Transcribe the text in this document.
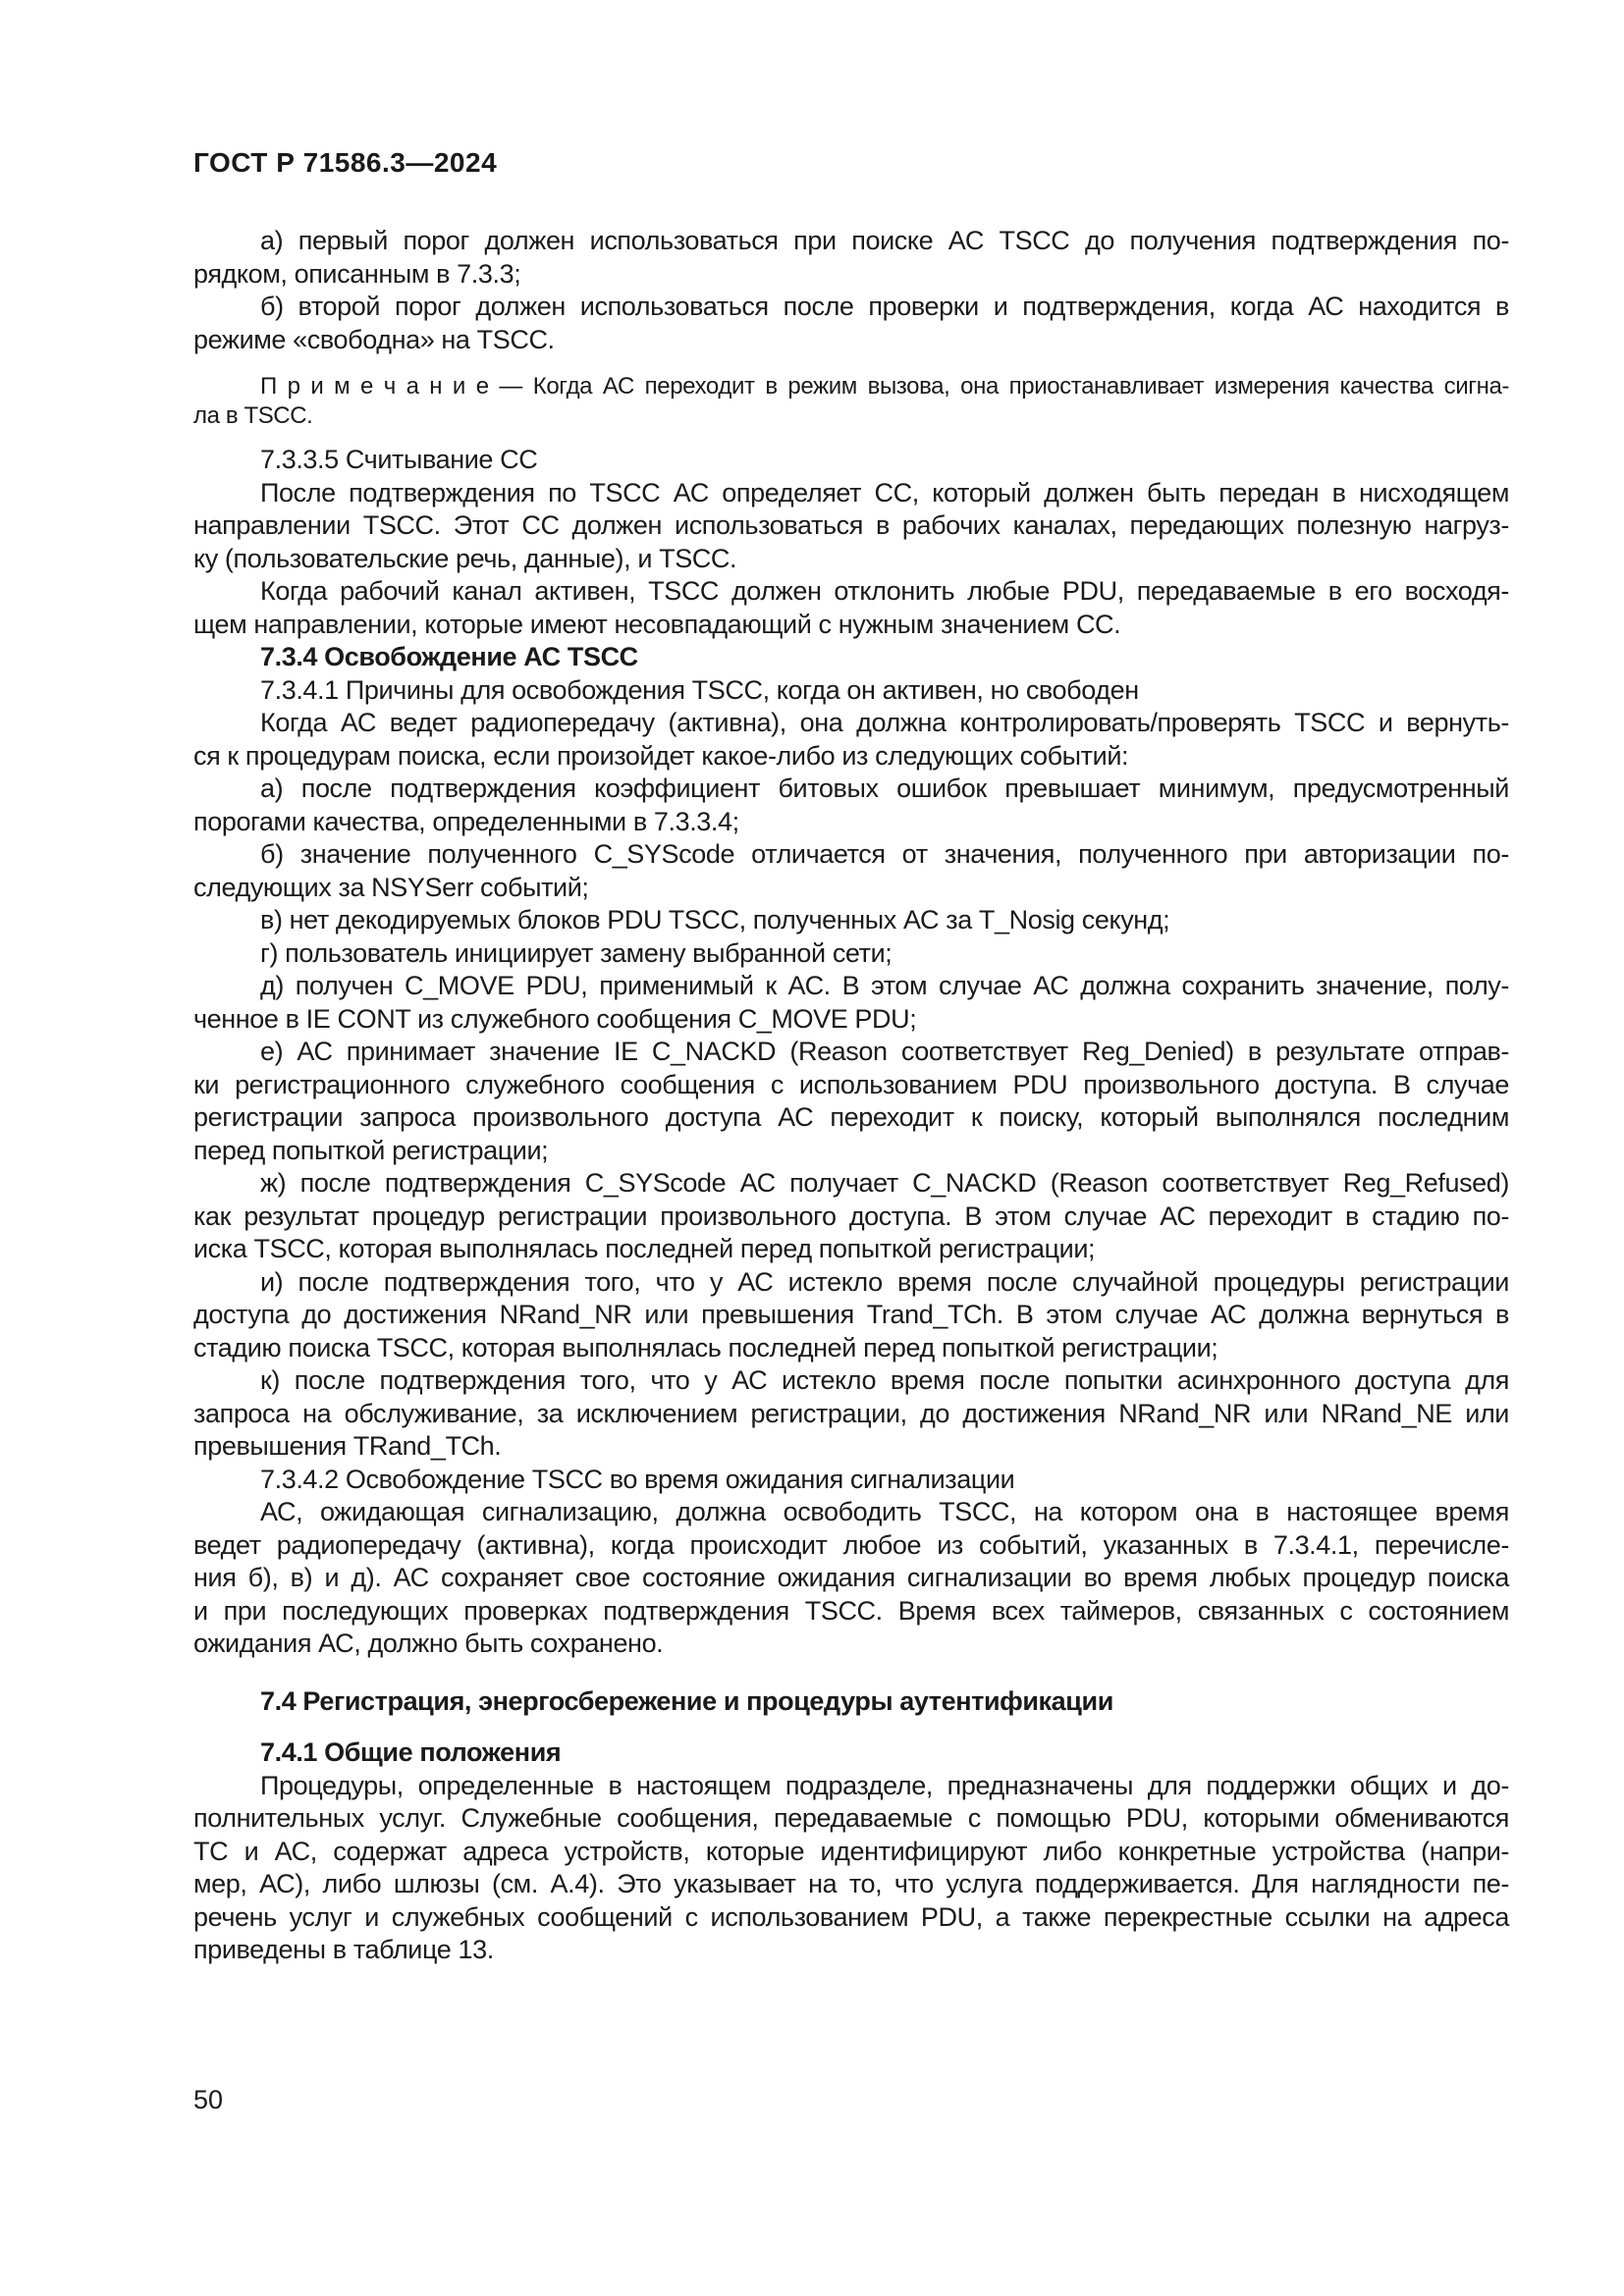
ГОСТ Р 71586.3—2024
а) первый порог должен использоваться при поиске АС TSCC до получения подтверждения по-
рядком, описанным в 7.3.3;
б) второй порог должен использоваться после проверки и подтверждения, когда АС находится в
режиме «свободна» на TSCC.
П р и м е ч а н и е — Когда АС переходит в режим вызова, она приостанавливает измерения качества сигна-
ла в TSCC.
7.3.3.5 Считывание СС
После подтверждения по TSCC АС определяет СС, который должен быть передан в нисходящем
направлении TSCC. Этот СС должен использоваться в рабочих каналах, передающих полезную нагруз-
ку (пользовательские речь, данные), и TSCC.
Когда рабочий канал активен, TSCC должен отклонить любые PDU, передаваемые в его восходя-
щем направлении, которые имеют несовпадающий с нужным значением СС.
7.3.4 Освобождение АС TSCC
7.3.4.1 Причины для освобождения TSCC, когда он активен, но свободен
Когда АС ведет радиопередачу (активна), она должна контролировать/проверять TSCC и вернуть-
ся к процедурам поиска, если произойдет какое-либо из следующих событий:
а) после подтверждения коэффициент битовых ошибок превышает минимум, предусмотренный
порогами качества, определенными в 7.3.3.4;
б) значение полученного C_SYScode отличается от значения, полученного при авторизации по-
следующих за NSYSerr событий;
в) нет декодируемых блоков PDU TSCC, полученных АС за T_Nosig секунд;
г) пользователь инициирует замену выбранной сети;
д) получен C_MOVE PDU, применимый к АС. В этом случае АС должна сохранить значение, полу-
ченное в IE CONT из служебного сообщения C_MOVE PDU;
е) АС принимает значение IE C_NACKD (Reason соответствует Reg_Denied) в результате отправ-
ки регистрационного служебного сообщения с использованием PDU произвольного доступа. В случае
регистрации запроса произвольного доступа АС переходит к поиску, который выполнялся последним
перед попыткой регистрации;
ж) после подтверждения C_SYScode АС получает C_NACKD (Reason соответствует Reg_Refused)
как результат процедур регистрации произвольного доступа. В этом случае АС переходит в стадию по-
иска TSCC, которая выполнялась последней перед попыткой регистрации;
и) после подтверждения того, что у АС истекло время после случайной процедуры регистрации
доступа до достижения NRand_NR или превышения Trand_TCh. В этом случае АС должна вернуться в
стадию поиска TSCC, которая выполнялась последней перед попыткой регистрации;
к) после подтверждения того, что у АС истекло время после попытки асинхронного доступа для
запроса на обслуживание, за исключением регистрации, до достижения NRand_NR или NRand_NE или
превышения TRand_TCh.
7.3.4.2 Освобождение TSCC во время ожидания сигнализации
АС, ожидающая сигнализацию, должна освободить TSCC, на котором она в настоящее время
ведет радиопередачу (активна), когда происходит любое из событий, указанных в 7.3.4.1, перечисле-
ния б), в) и д). АС сохраняет свое состояние ожидания сигнализации во время любых процедур поиска
и при последующих проверках подтверждения TSCC. Время всех таймеров, связанных с состоянием
ожидания АС, должно быть сохранено.
7.4 Регистрация, энергосбережение и процедуры аутентификации
7.4.1 Общие положения
Процедуры, определенные в настоящем подразделе, предназначены для поддержки общих и до-
полнительных услуг. Служебные сообщения, передаваемые с помощью PDU, которыми обмениваются
ТС и АС, содержат адреса устройств, которые идентифицируют либо конкретные устройства (напри-
мер, АС), либо шлюзы (см. А.4). Это указывает на то, что услуга поддерживается. Для наглядности пе-
речень услуг и служебных сообщений с использованием PDU, а также перекрестные ссылки на адреса
приведены в таблице 13.
50
